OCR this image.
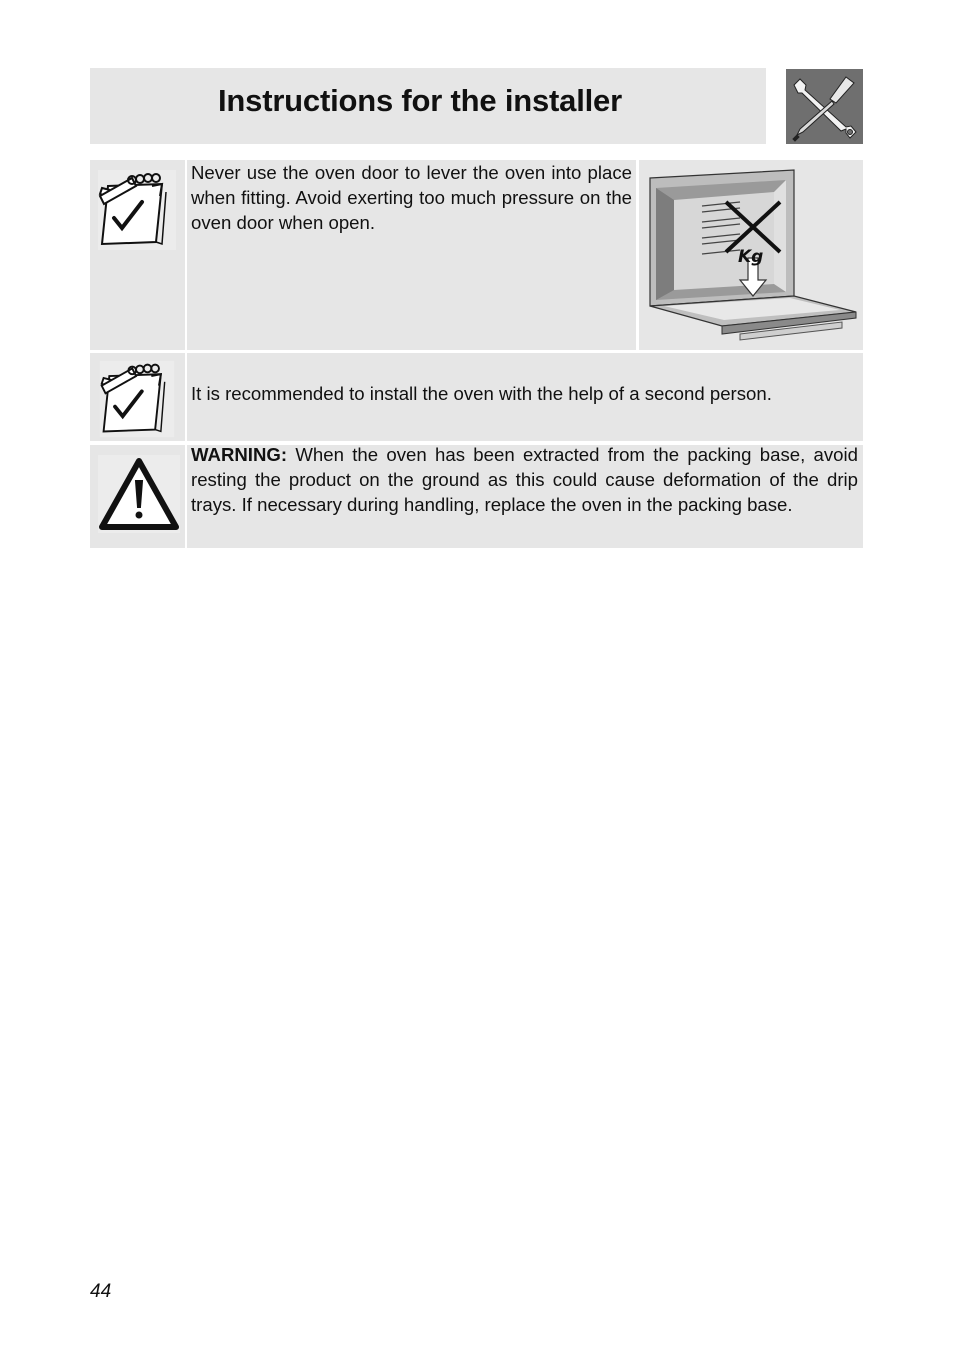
Instructions for the installer
Never use the oven door to lever the oven into place when fitting. Avoid exerting too much pressure on the oven door when open.
Kg
It is recommended to install the oven with the help of a second person.
WARNING: When the oven has been extracted from the packing base, avoid resting the product on the ground as this could cause deformation of the drip trays. If necessary during handling, replace the oven in the packing base.
44
